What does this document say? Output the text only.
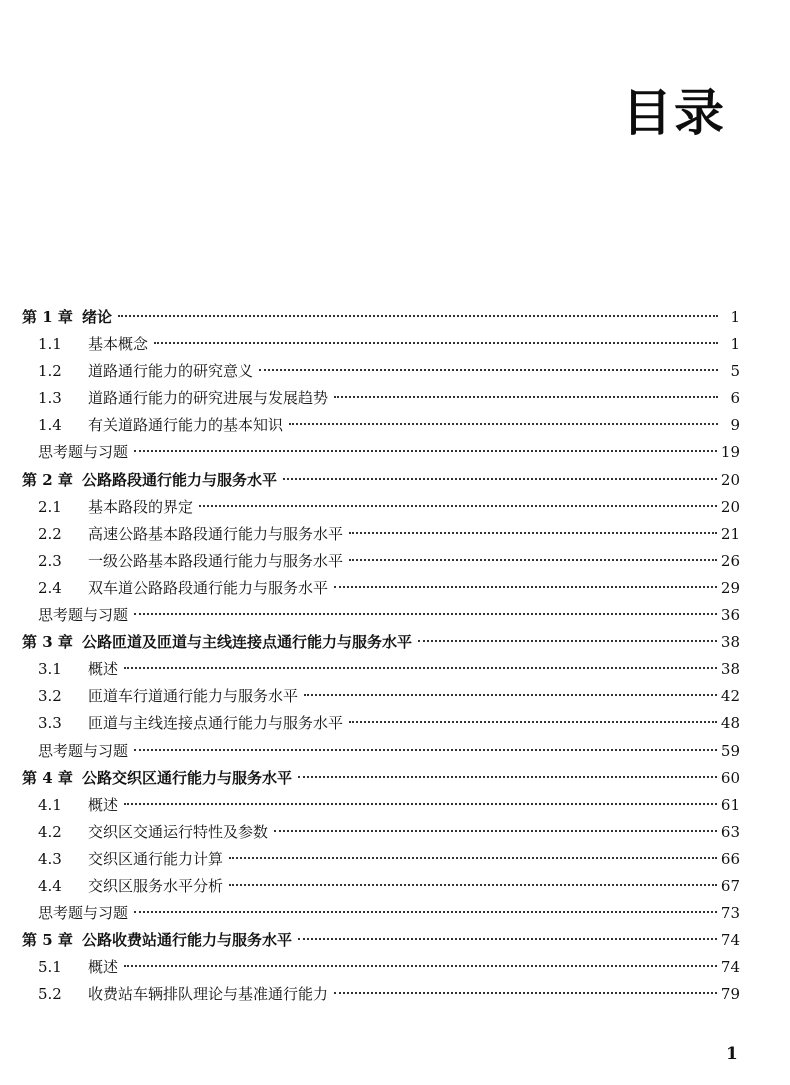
目录
第 1 章 绪论	1
1.1	基本概念	1
1.2	道路通行能力的研究意义	5
1.3	道路通行能力的研究进展与发展趋势	6
1.4	有关道路通行能力的基本知识	9
思考题与习题	19
第 2 章 公路路段通行能力与服务水平	20
2.1	基本路段的界定	20
2.2	高速公路基本路段通行能力与服务水平	21
2.3	一级公路基本路段通行能力与服务水平	26
2.4	双车道公路路段通行能力与服务水平	29
思考题与习题	36
第 3 章 公路匝道及匝道与主线连接点通行能力与服务水平	38
3.1	概述	38
3.2	匝道车行道通行能力与服务水平	42
3.3	匝道与主线连接点通行能力与服务水平	48
思考题与习题	59
第 4 章 公路交织区通行能力与服务水平	60
4.1	概述	61
4.2	交织区交通运行特性及参数	63
4.3	交织区通行能力计算	66
4.4	交织区服务水平分析	67
思考题与习题	73
第 5 章 公路收费站通行能力与服务水平	74
5.1	概述	74
5.2	收费站车辆排队理论与基准通行能力	79
1
